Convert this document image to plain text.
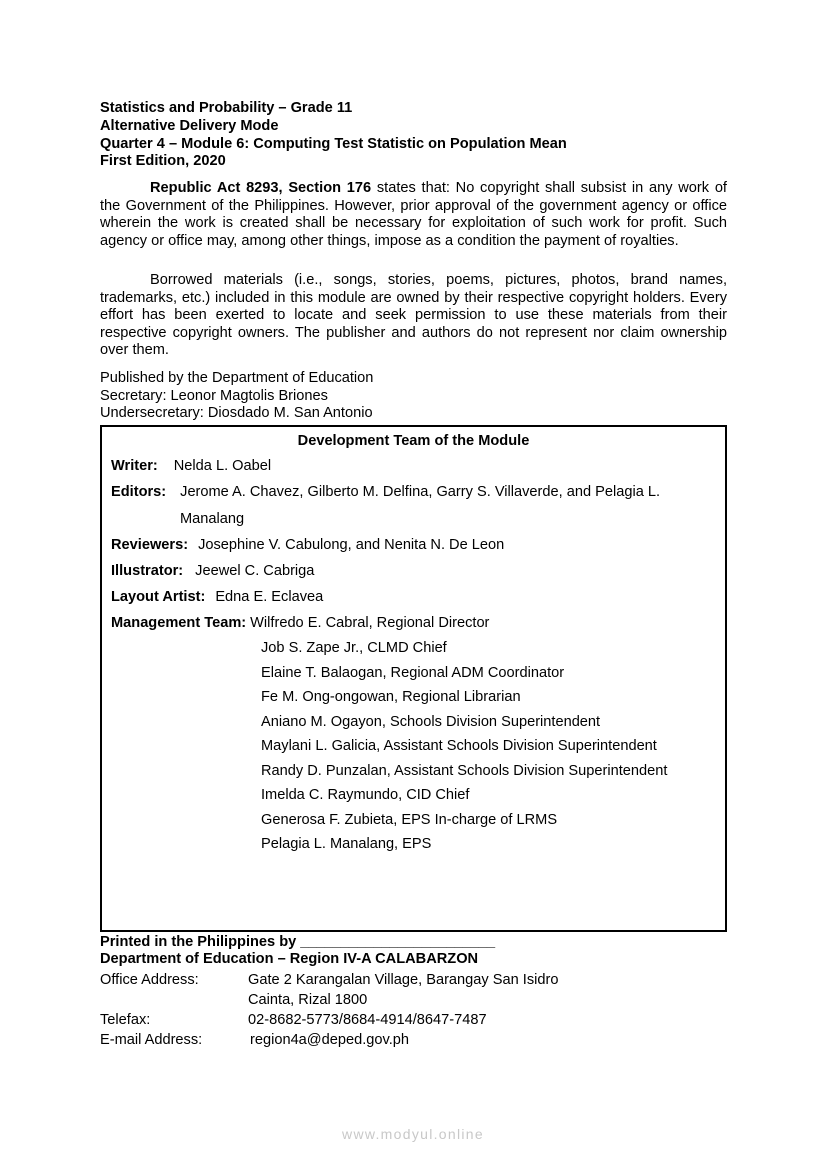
Statistics and Probability – Grade 11
Alternative Delivery Mode
Quarter 4 – Module 6: Computing Test Statistic on Population Mean
First Edition, 2020
Republic Act 8293, Section 176 states that: No copyright shall subsist in any work of the Government of the Philippines. However, prior approval of the government agency or office wherein the work is created shall be necessary for exploitation of such work for profit. Such agency or office may, among other things, impose as a condition the payment of royalties.
Borrowed materials (i.e., songs, stories, poems, pictures, photos, brand names, trademarks, etc.) included in this module are owned by their respective copyright holders. Every effort has been exerted to locate and seek permission to use these materials from their respective copyright owners. The publisher and authors do not represent nor claim ownership over them.
Published by the Department of Education
Secretary: Leonor Magtolis Briones
Undersecretary: Diosdado M. San Antonio
Development Team of the Module
Writer: Nelda L. Oabel
Editors: Jerome A. Chavez, Gilberto M. Delfina, Garry S. Villaverde, and Pelagia L.
Manalang
Reviewers: Josephine V. Cabulong, and Nenita N. De Leon
Illustrator: Jeewel C. Cabriga
Layout Artist: Edna E. Eclavea
Management Team: Wilfredo E. Cabral, Regional Director
Job S. Zape Jr., CLMD Chief
Elaine T. Balaogan, Regional ADM Coordinator
Fe M. Ong-ongowan, Regional Librarian
Aniano M. Ogayon, Schools Division Superintendent
Maylani L. Galicia, Assistant Schools Division Superintendent
Randy D. Punzalan, Assistant Schools Division Superintendent
Imelda C. Raymundo, CID Chief
Generosa F. Zubieta, EPS In-charge of LRMS
Pelagia L. Manalang, EPS
Printed in the Philippines by ________________________
Department of Education – Region IV-A CALABARZON
Office Address:	Gate 2 Karangalan Village, Barangay San Isidro
Cainta, Rizal 1800
Telefax:	02-8682-5773/8684-4914/8647-7487
E-mail Address:	region4a@deped.gov.ph
www.modyul.online
